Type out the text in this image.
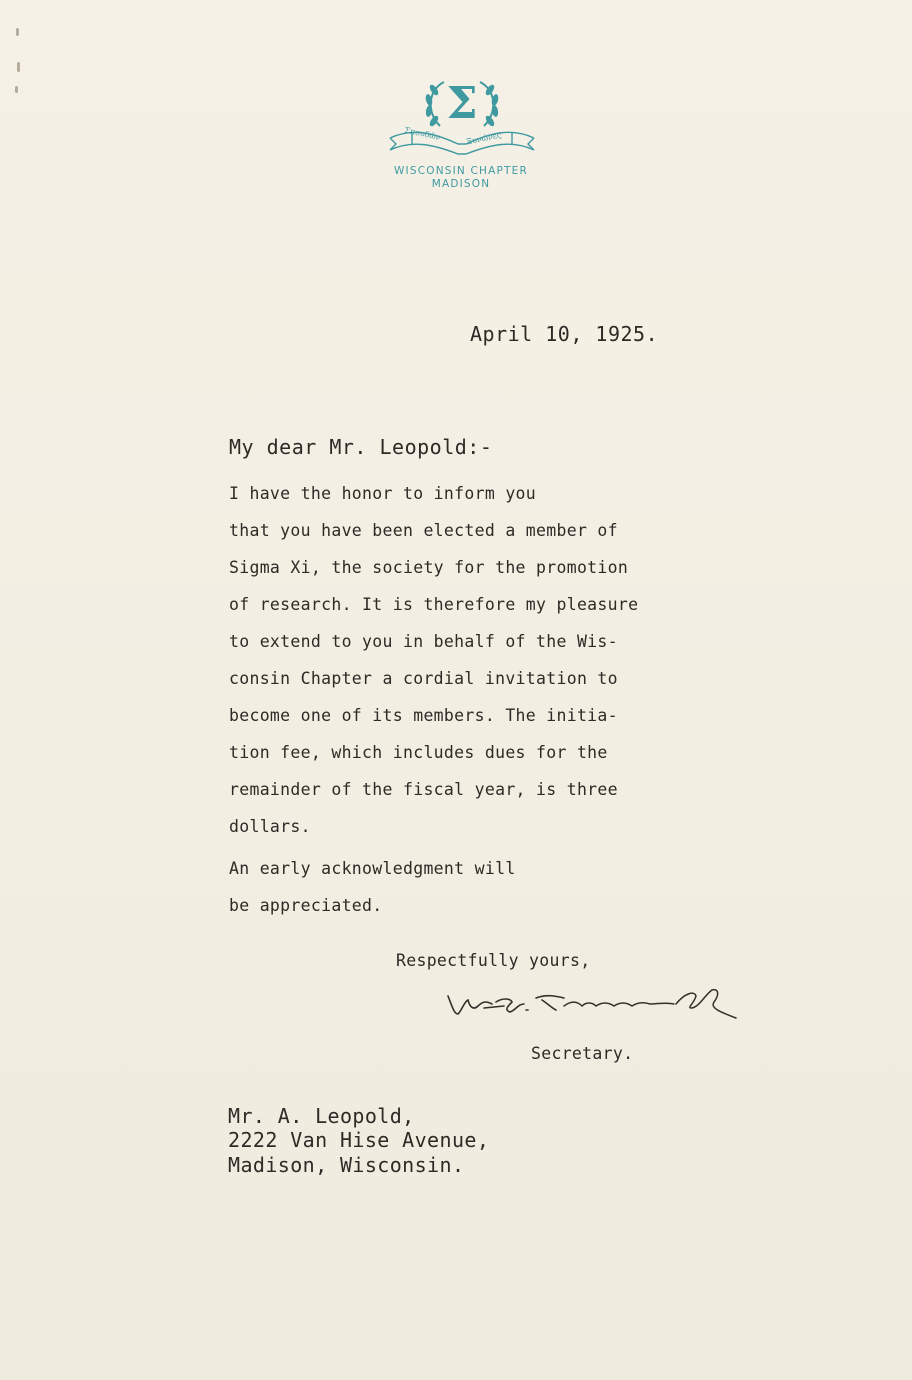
Σ
Σπουδῶν	Ξυνώνες
WISCONSIN CHAPTER
MADISON

April 10, 1925.

My dear Mr. Leopold:-

I have the honor to inform you
that you have been elected a member of
Sigma Xi, the society for the promotion
of research. It is therefore my pleasure
to extend to you in behalf of the Wis-
consin Chapter a cordial invitation to
become one of its members. The initia-
tion fee, which includes dues for the
remainder of the fiscal year, is three
dollars.
An early acknowledgment will
be appreciated.

Respectfully yours,

Secretary.

Mr. A. Leopold,

2222 Van Hise Avenue,

Madison, Wisconsin.
